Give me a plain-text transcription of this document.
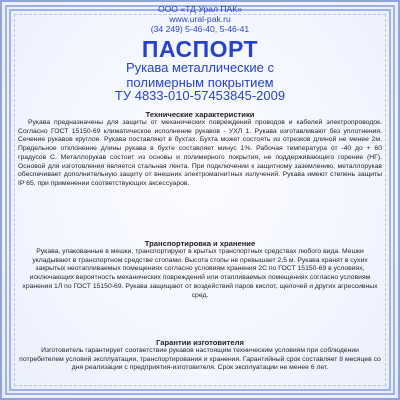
ООО «ТД Урал ПАК»
www.ural-pak.ru
(34 249) 5-46-40, 5-46-41
ПАСПОРТ
Рукава металлические с
полимерным покрытием
ТУ 4833-010-57453845-2009
Технические характеристики

Рукава предназначены для защиты от механических повреждений проводов и кабелей электропроводок. Согласно ГОСТ 15150-69 климатическое исполнение рукавов - УХЛ 1. Рукава изготавливают без уплотнения. Сечение рукавов круглое. Рукава поставляют в бухтах. Бухта может состоять из отрезков длиной не менее 2м. Предельное отклонение длины рукава в бухте составляет минус 1%. Рабочая температура от -40 до + 60 градусов С. Металлорукав состоит из основы и полимерного покрытия, не поддерживающего горение (НГ). Основой для изготовления является стальная лента. При подключении к защитному заземлению, металлорукав обеспечивает дополнительную защиту от внешних электромагнитных излучений. Рукава имеют степень защиты IP 65, при применении соответствующих аксессуаров.

Транспортировка и хранение

Рукава, упакованные в мешки, транспортируют в крытых транспортных средствах любого вида. Мешки укладывают в транспортном средстве стопами. Высота стопы не превышает 2,5 м. Рукава хранят в сухих закрытых неотапливаемых помещениях согласно условиям хранения 2С по ГОСТ 15150-69 в условиях, исключающих вероятность механических повреждений или отапливаемых помещениях согласно условиям хранения 1Л по ГОСТ 15150-69. Рукава защищают от воздействий паров кислот, щелочей и других агрессивных сред.

Гарантии изготовителя

Изготовитель гарантирует соответствие рукавов настоящим техническим условиям при соблюдении потребителем условий эксплуатации, транспортирования и хранения. Гарантийный срок составляет 8 месяцев со дня реализации с предприятия-изготовителя. Срок эксплуатации не менее 6 лет.
